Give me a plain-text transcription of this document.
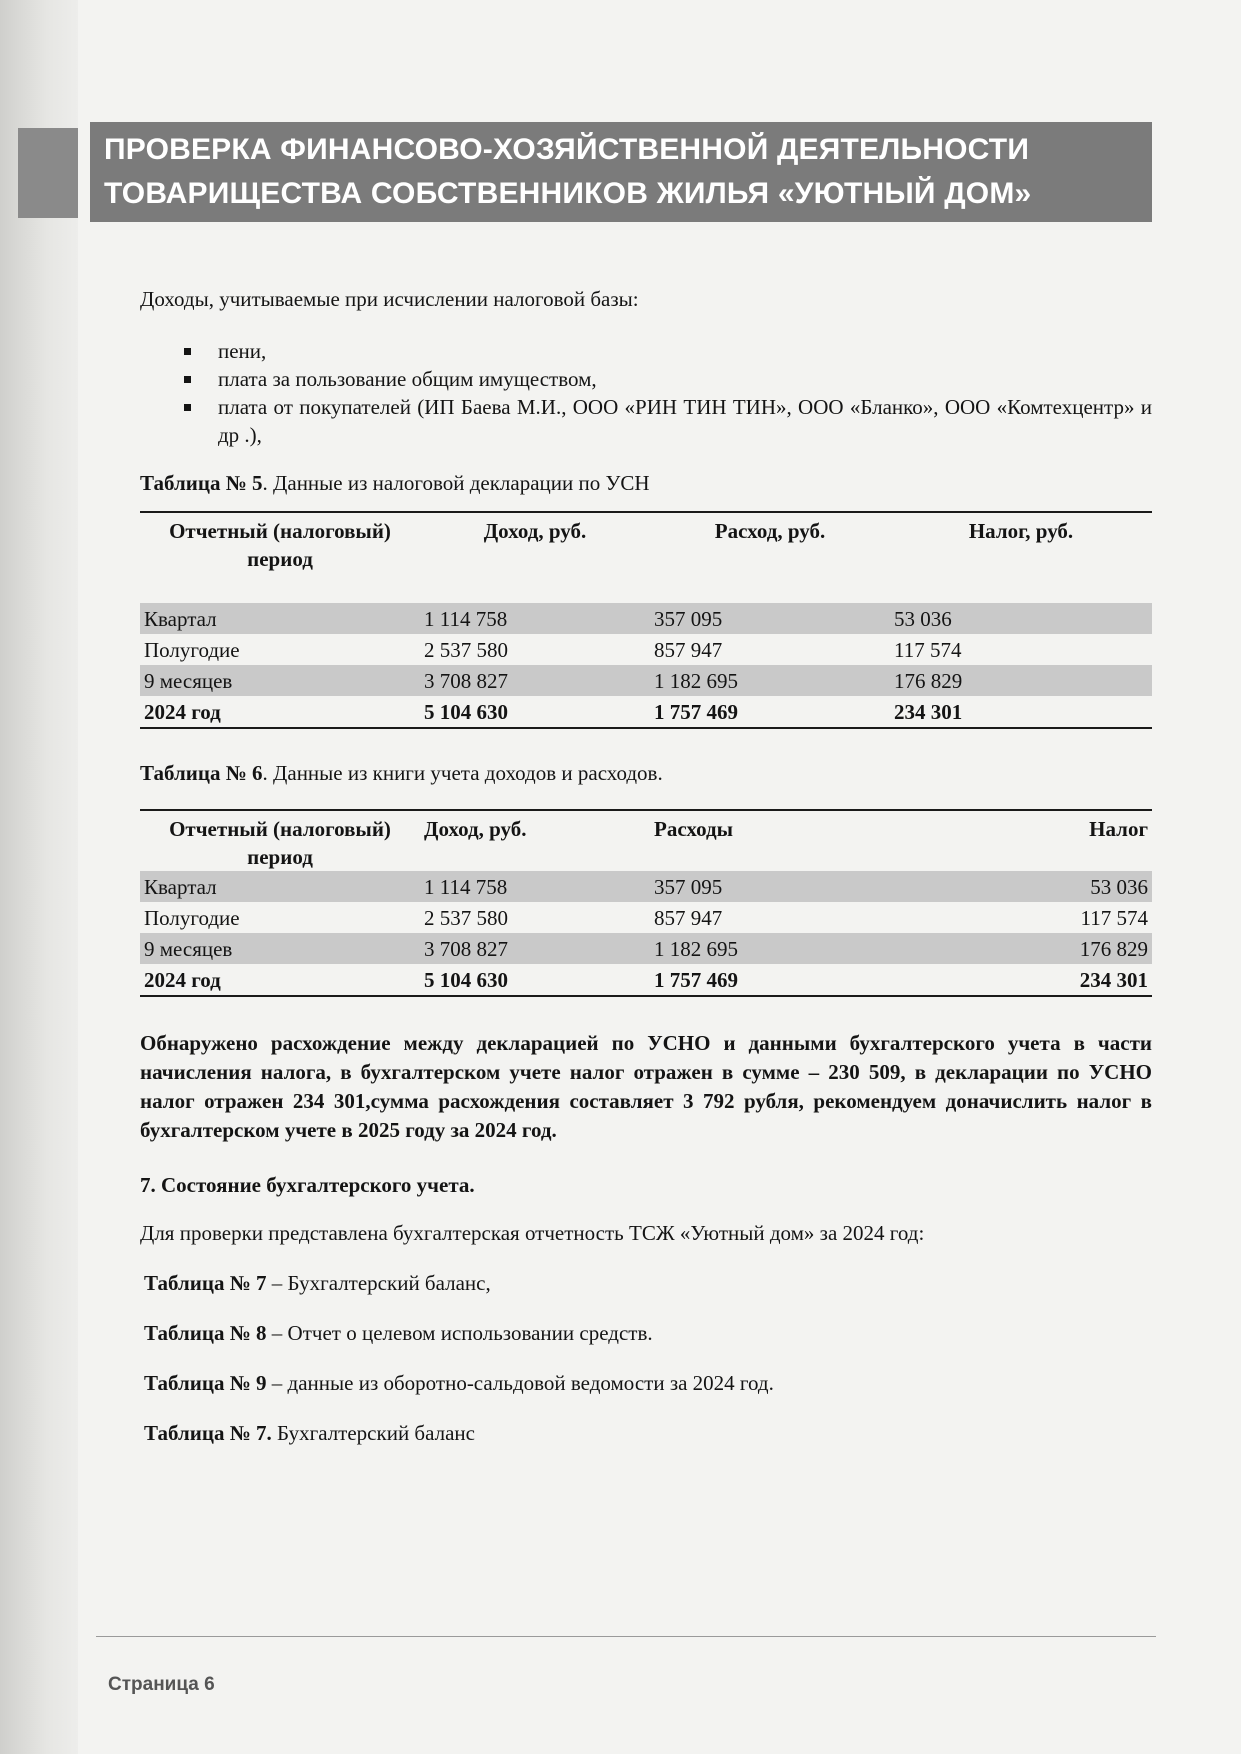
ПРОВЕРКА ФИНАНСОВО-ХОЗЯЙСТВЕННОЙ ДЕЯТЕЛЬНОСТИ
ТОВАРИЩЕСТВА СОБСТВЕННИКОВ ЖИЛЬЯ «УЮТНЫЙ ДОМ»

Доходы, учитываемые при исчислении налоговой базы:

пени,
плата за пользование общим имуществом,
плата от покупателей (ИП Баева М.И., ООО «РИН ТИН ТИН», ООО «Бланко», ООО «Комтехцентр» и др .),

Таблица № 5. Данные из налоговой декларации по УСН

Отчетный (налоговый) период	Доход, руб.	Расход, руб.	Налог, руб.
Квартал	1 114 758	357 095	53 036
Полугодие	2 537 580	857 947	117 574
9 месяцев	3 708 827	1 182 695	176 829
2024 год	5 104 630	1 757 469	234 301

Таблица № 6. Данные из книги учета доходов и расходов.

Отчетный (налоговый) период	Доход, руб.	Расходы	Налог
Квартал	1 114 758	357 095	53 036
Полугодие	2 537 580	857 947	117 574
9 месяцев	3 708 827	1 182 695	176 829
2024 год	5 104 630	1 757 469	234 301

Обнаружено расхождение между декларацией по УСНО и данными бухгалтерского учета в части начисления налога, в бухгалтерском учете налог отражен в сумме – 230 509, в декларации по УСНО налог отражен 234 301,сумма расхождения составляет 3 792 рубля, рекомендуем доначислить налог в бухгалтерском учете в 2025 году за 2024 год.

7. Состояние бухгалтерского учета.

Для проверки представлена бухгалтерская отчетность ТСЖ «Уютный дом» за 2024 год:

Таблица № 7 – Бухгалтерский баланс,

Таблица № 8 – Отчет о целевом использовании средств.

Таблица № 9 – данные из оборотно-сальдовой ведомости за 2024 год.

Таблица № 7. Бухгалтерский баланс

Страница 6
